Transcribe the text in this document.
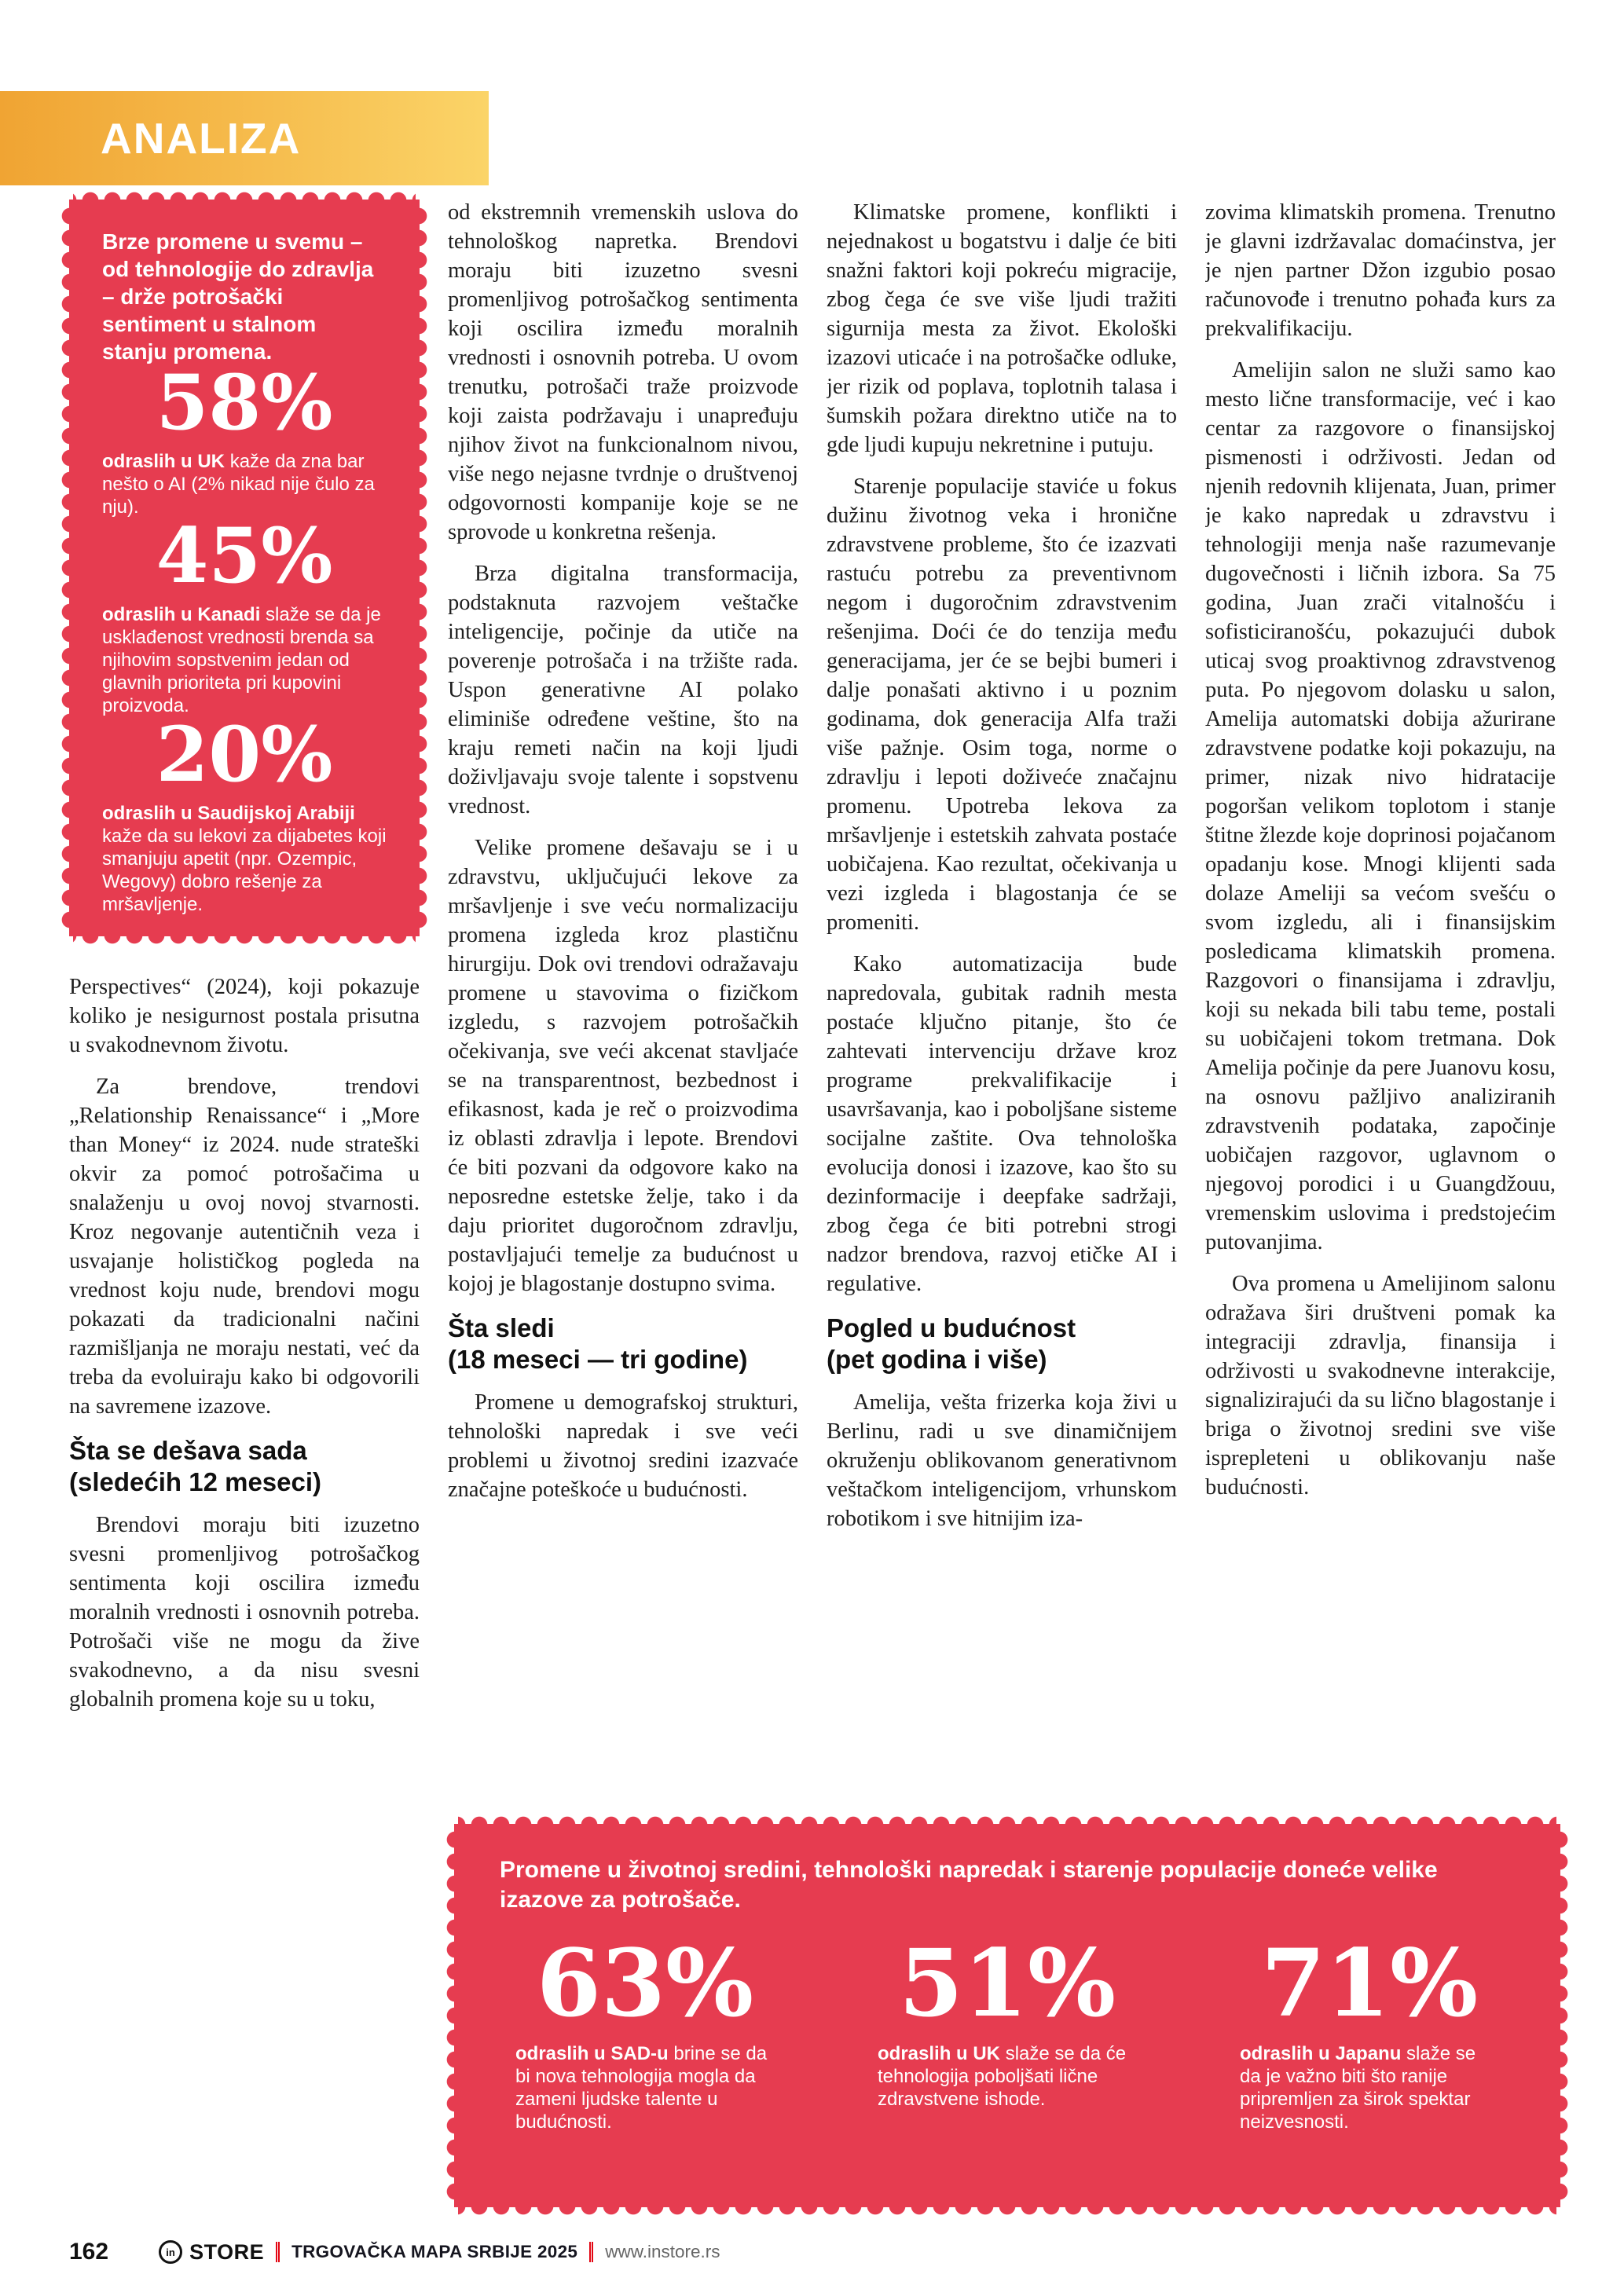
ANALIZA

Brze promene u svemu – od tehnologije do zdravlja – drže potrošački sentiment u stalnom stanju promena.

58%

odraslih u UK kaže da zna bar nešto o AI (2% nikad nije čulo za nju).

45%

odraslih u Kanadi slaže se da je usklađenost vrednosti brenda sa njihovim sopstvenim jedan od glavnih prioriteta pri kupovini proizvoda.

20%

odraslih u Saudijskoj Arabiji kaže da su lekovi za dijabetes koji smanjuju apetit (npr. Ozempic, Wegovy) dobro rešenje za mršavljenje.

Perspectives“ (2024), koji pokazuje koliko je nesigurnost postala prisutna u svakodnevnom životu.

Za brendove, trendovi „Relationship Renaissance“ i „More than Money“ iz 2024. nude strateški okvir za pomoć potrošačima u snalaženju u ovoj novoj stvarnosti. Kroz negovanje autentičnih veza i usvajanje holističkog pogleda na vrednost koju nude, brendovi mogu pokazati da tradicionalni načini razmišljanja ne moraju nestati, već da treba da evoluiraju kako bi odgovorili na savremene izazove.

Šta se dešava sada
(sledećih 12 meseci)

Brendovi moraju biti izuzetno svesni promenljivog potrošačkog sentimenta koji oscilira između moralnih vrednosti i osnovnih potreba. Potrošači više ne mogu da žive svakodnevno, a da nisu svesni globalnih promena koje su u toku,

od ekstremnih vremenskih uslova do tehnološkog napretka. Brendovi moraju biti izuzetno svesni promenljivog potrošačkog sentimenta koji oscilira između moralnih vrednosti i osnovnih potreba. U ovom trenutku, potrošači traže proizvode koji zaista podržavaju i unapređuju njihov život na funkcionalnom nivou, više nego nejasne tvrdnje o društvenoj odgovornosti kompanije koje se ne sprovode u konkretna rešenja.

Brza digitalna transformacija, podstaknuta razvojem veštačke inteligencije, počinje da utiče na poverenje potrošača i na tržište rada. Uspon generativne AI polako eliminiše određene veštine, što na kraju remeti način na koji ljudi doživljavaju svoje talente i sopstvenu vrednost.

Velike promene dešavaju se i u zdravstvu, uključujući lekove za mršavljenje i sve veću normalizaciju promena izgleda kroz plastičnu hirurgiju. Dok ovi trendovi odražavaju promene u stavovima o fizičkom izgledu, s razvojem potrošačkih očekivanja, sve veći akcenat stavljaće se na transparentnost, bezbednost i efikasnost, kada je reč o proizvodima iz oblasti zdravlja i lepote. Brendovi će biti pozvani da odgovore kako na neposredne estetske želje, tako i da daju prioritet dugoročnom zdravlju, postavljajući temelje za budućnost u kojoj je blagostanje dostupno svima.

Šta sledi
(18 meseci — tri godine)

Promene u demografskoj strukturi, tehnološki napredak i sve veći problemi u životnoj sredini izazvaće značajne poteškoće u budućnosti.

Klimatske promene, konflikti i nejednakost u bogatstvu i dalje će biti snažni faktori koji pokreću migracije, zbog čega će sve više ljudi tražiti sigurnija mesta za život. Ekološki izazovi uticaće i na potrošačke odluke, jer rizik od poplava, toplotnih talasa i šumskih požara direktno utiče na to gde ljudi kupuju nekretnine i putuju.

Starenje populacije staviće u fokus dužinu životnog veka i hronične zdravstvene probleme, što će izazvati rastuću potrebu za preventivnom negom i dugoročnim zdravstvenim rešenjima. Doći će do tenzija među generacijama, jer će se bejbi bumeri i dalje ponašati aktivno i u poznim godinama, dok generacija Alfa traži više pažnje. Osim toga, norme o zdravlju i lepoti doživeće značajnu promenu. Upotreba lekova za mršavljenje i estetskih zahvata postaće uobičajena. Kao rezultat, očekivanja u vezi izgleda i blagostanja će se promeniti.

Kako automatizacija bude napredovala, gubitak radnih mesta postaće ključno pitanje, što će zahtevati intervenciju države kroz programe prekvalifikacije i usavršavanja, kao i poboljšane sisteme socijalne zaštite. Ova tehnološka evolucija donosi i izazove, kao što su dezinformacije i deepfake sadržaji, zbog čega će biti potrebni strogi nadzor brendova, razvoj etičke AI i regulative.

Pogled u budućnost
(pet godina i više)

Amelija, vešta frizerka koja živi u Berlinu, radi u sve dinamičnijem okruženju oblikovanom generativnom veštačkom inteligencijom, vrhunskom robotikom i sve hitnijim iza-

zovima klimatskih promena. Trenutno je glavni izdržavalac domaćinstva, jer je njen partner Džon izgubio posao računovođe i trenutno pohađa kurs za prekvalifikaciju.

Amelijin salon ne služi samo kao mesto lične transformacije, već i kao centar za razgovore o finansijskoj pismenosti i održivosti. Jedan od njenih redovnih klijenata, Juan, primer je kako napredak u zdravstvu i tehnologiji menja naše razumevanje dugovečnosti i ličnih izbora. Sa 75 godina, Juan zrači vitalnošću i sofisticiranošću, pokazujući dubok uticaj svog proaktivnog zdravstvenog puta. Po njegovom dolasku u salon, Amelija automatski dobija ažurirane zdravstvene podatke koji pokazuju, na primer, nizak nivo hidratacije pogoršan velikom toplotom i stanje štitne žlezde koje doprinosi pojačanom opadanju kose. Mnogi klijenti sada dolaze Ameliji sa većom svešću o svom izgledu, ali i finansijskim posledicama klimatskih promena. Razgovori o finansijama i zdravlju, koji su nekada bili tabu teme, postali su uobičajeni tokom tretmana. Dok Amelija počinje da pere Juanovu kosu, na osnovu pažljivo analiziranih zdravstvenih podataka, započinje uobičajen razgovor, uglavnom o njegovoj porodici i u Guangdžouu, vremenskim uslovima i predstojećim putovanjima.

Ova promena u Amelijinom salonu odražava širi društveni pomak ka integraciji zdravlja, finansija i održivosti u svakodnevne interakcije, signalizirajući da su lično blagostanje i briga o životnoj sredini sve više isprepleteni u oblikovanju naše budućnosti.

Promene u životnoj sredini, tehnološki napredak i starenje populacije doneće velike izazove za potrošače.

63%

odraslih u SAD-u brine se da bi nova tehnologija mogla da zameni ljudske talente u budućnosti.

51%

odraslih u UK slaže se da će tehnologija poboljšati lične zdravstvene ishode.

71%

odraslih u Japanu slaže se da je važno biti što ranije pripremljen za širok spektar neizvesnosti.

162	in STORE TRGOVAČKA MAPA SRBIJE 2025 www.instore.rs
